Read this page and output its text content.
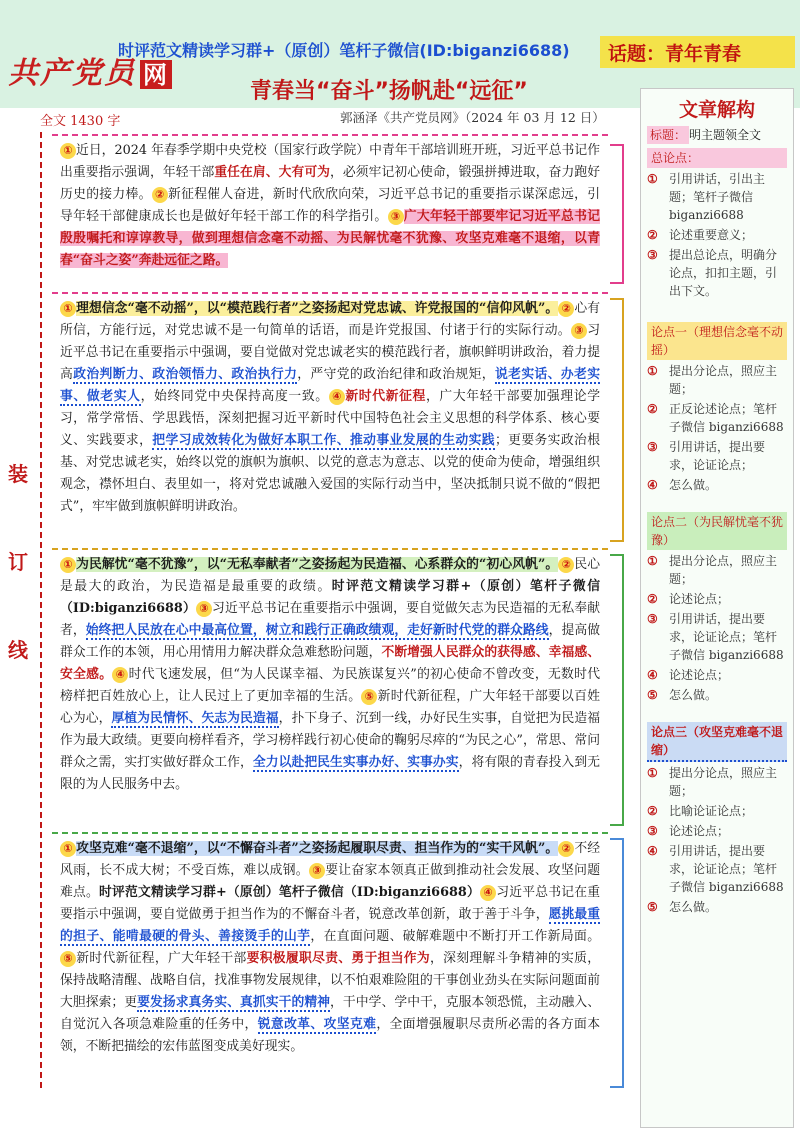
共产党员 网
时评范文精读学习群+（原创）笔杆子微信(ID:biganzi6688)	话题：青年青春
青春当“奋斗”扬帆赴“远征”
全文 1430 字	郭涵泽《共产党员网》（2024 年 03 月 12 日）
装
订
线
① 近日，2024 年春季学期中央党校（国家行政学院）中青年干部培训班开班，习近平总书记作出重要指示强调，年轻干部重任在肩、大有可为，必须牢记初心使命，锻强拼搏进取，奋力跑好历史的接力棒。 ② 新征程催人奋进，新时代欣欣向荣，习近平总书记的重要指示谋深虑远，引导年轻干部健康成长也是做好年轻干部工作的科学指引。 ③ 广大年轻干部要牢记习近平总书记殷殷嘱托和谆谆教导，做到理想信念毫不动摇、为民解忧毫不犹豫、攻坚克难毫不退缩，以青春“奋斗之姿”奔赴远征之路。
① 理想信念“毫不动摇”，以“模范践行者”之姿扬起对党忠诚、许党报国的“信仰风帆”。 ② 心有所信，方能行远，对党忠诚不是一句简单的话语，而是许党报国、付诸于行的实际行动。 ③ 习近平总书记在重要指示中强调，要自觉做对党忠诚老实的模范践行者，旗帜鲜明讲政治，着力提高政治判断力、政治领悟力、政治执行力，严守党的政治纪律和政治规矩，说老实话、办老实事、做老实人，始终同党中央保持高度一致。 ④ 新时代新征程，广大年轻干部要加强理论学习，常学常悟、学思践悟，深刻把握习近平新时代中国特色社会主义思想的科学体系、核心要义、实践要求，把学习成效转化为做好本职工作、推动事业发展的生动实践；更要务实政治根基、对党忠诚老实，始终以党的旗帜为旗帜、以党的意志为意志、以党的使命为使命，增强组织观念，襟怀坦白、表里如一，将对党忠诚融入爱国的实际行动当中，坚决抵制只说不做的“假把式”，牢牢做到旗帜鲜明讲政治。
① 为民解忧“毫不犹豫”，以“无私奉献者”之姿扬起为民造福、心系群众的“初心风帆”。 ② 民心是最大的政治，为民造福是最重要的政绩。时评范文精读学习群+（原创）笔杆子微信（ID:biganzi6688） ③ 习近平总书记在重要指示中强调，要自觉做矢志为民造福的无私奉献者，始终把人民放在心中最高位置，树立和践行正确政绩观，走好新时代党的群众路线，提高做群众工作的本领，用心用情用力解决群众急难愁盼问题，不断增强人民群众的获得感、幸福感、安全感。 ④ 时代飞速发展，但“为人民谋幸福、为民族谋复兴”的初心使命不曾改变，无数时代榜样把百姓放心上，让人民过上了更加幸福的生活。 ⑤ 新时代新征程，广大年轻干部要以百姓心为心，厚植为民情怀、矢志为民造福，扑下身子、沉到一线，办好民生实事，自觉把为民造福作为最大政绩。更要向榜样看齐，学习榜样践行初心使命的鞠躬尽瘁的“为民之心”，常思、常问群众之需，实打实做好群众工作，全力以赴把民生实事办好、实事办实，将有限的青春投入到无限的为人民服务中去。
① 攻坚克难“毫不退缩”，以“不懈奋斗者”之姿扬起履职尽责、担当作为的“实干风帆”。 ② 不经风雨，长不成大树；不受百炼，难以成钢。 ③ 要让奋家本领真正做到推动社会发展、攻坚问题难点。时评范文精读学习群+（原创）笔杆子微信（ID:biganzi6688） ④ 习近平总书记在重要指示中强调，要自觉做勇于担当作为的不懈奋斗者，锐意改革创新，敢于善于斗争，愿挑最重的担子、能啃最硬的骨头、善接烫手的山芋，在直面问题、破解难题中不断打开工作新局面。⑤ 新时代新征程，广大年轻干部要积极履职尽责、勇于担当作为，深刻理解斗争精神的实质，保持战略清醒、战略自信，找准事物发展规律，以不怕艰难险阻的干事创业劲头在实际问题面前大胆探索；更要发扬求真务实、真抓实干的精神，干中学、学中干，克服本领恐慌，主动融入、自觉沉入各项急难险重的任务中，锐意改革、攻坚克难，全面增强履职尽责所必需的各方面本领，不断把描绘的宏伟蓝图变成美好现实。
文章解构
标题： 明主题领全文
总论点：
① 引用讲话，引出主题；笔杆子微信 biganzi6688
② 论述重要意义；
③ 提出总论点，明确分论点，扣扣主题，引出下文。
论点一（理想信念毫不动摇）
① 提出分论点，照应主题；
② 正反论述论点；笔杆子微信 biganzi6688
③ 引用讲话，提出要求，论证论点；
④ 怎么做。
论点二（为民解忧毫不犹豫）
① 提出分论点，照应主题；
② 论述论点；
③ 引用讲话，提出要求，论证论点；笔杆子微信 biganzi6688
④ 论述论点；
⑤ 怎么做。
论点三（攻坚克难毫不退缩）
① 提出分论点，照应主题；
② 比喻论证论点；
③ 论述论点；
④ 引用讲话，提出要求，论证论点；笔杆子微信 biganzi6688
⑤ 怎么做。
